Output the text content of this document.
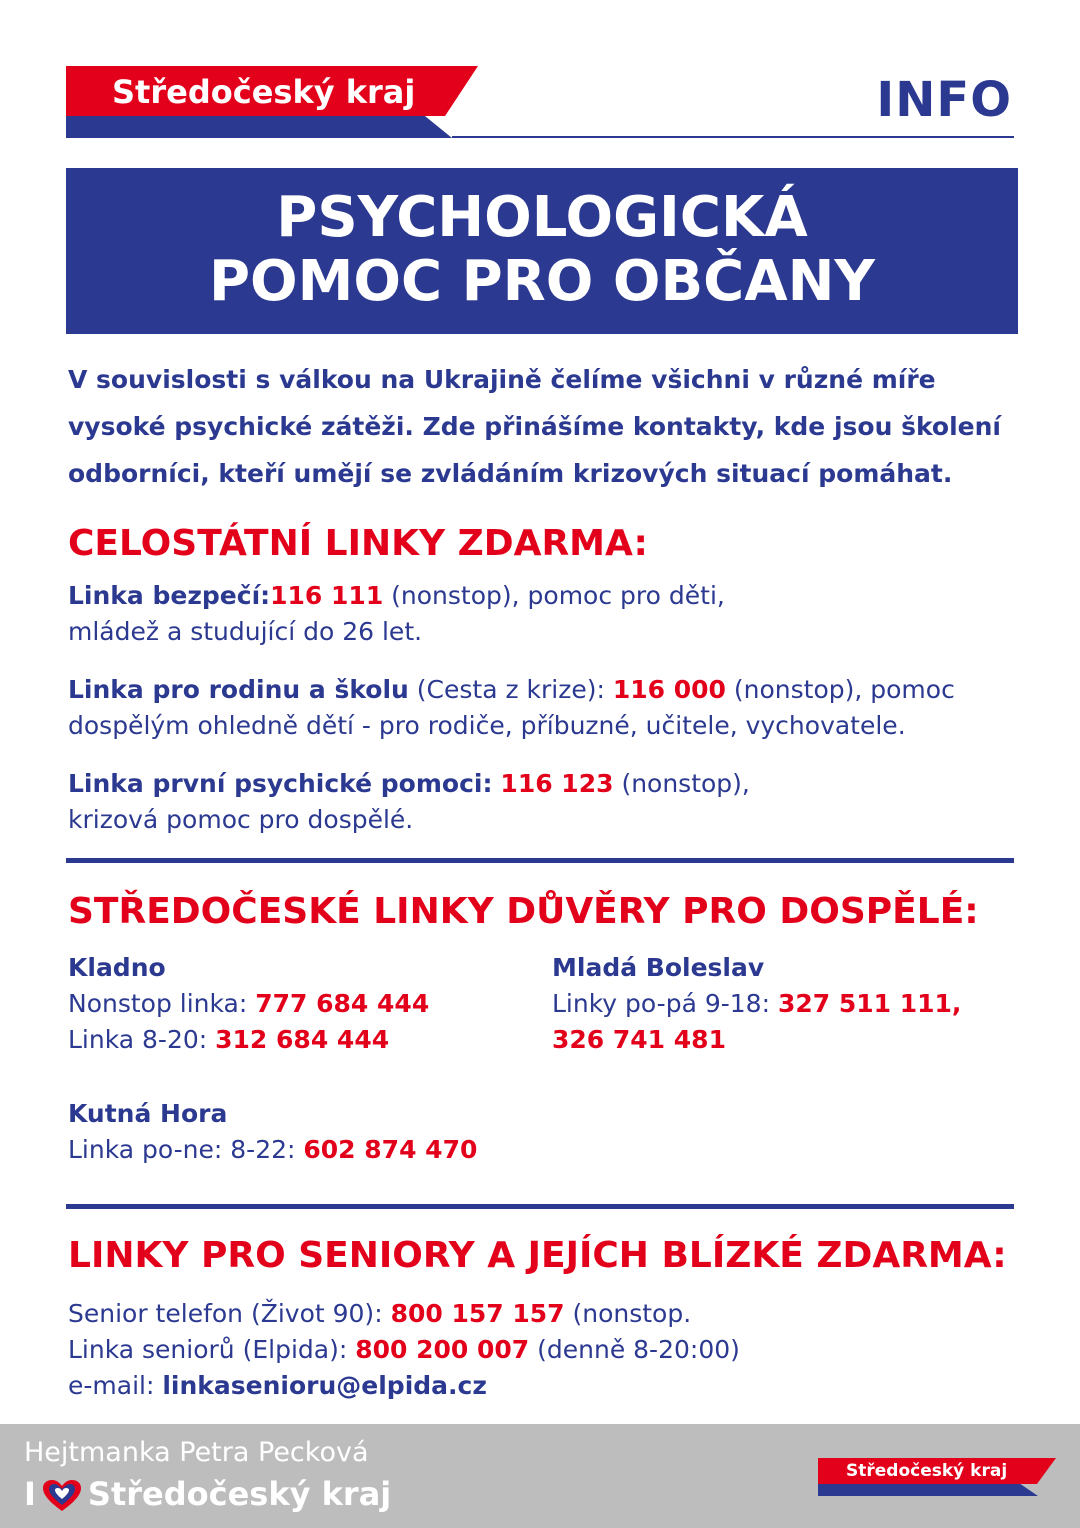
Středočeský kraj	INFO
PSYCHOLOGICKÁ
POMOC PRO OBČANY
V souvislosti s válkou na Ukrajině čelíme všichni v různé míře vysoké psychické zátěži. Zde přinášíme kontakty, kde jsou školení odborníci, kteří umějí se zvládáním krizových situací pomáhat.
CELOSTÁTNÍ LINKY ZDARMA:
Linka bezpečí:116 111 (nonstop), pomoc pro děti,
mládež a studující do 26 let.
Linka pro rodinu a školu (Cesta z krize): 116 000 (nonstop), pomoc
dospělým ohledně dětí - pro rodiče, příbuzné, učitele, vychovatele.
Linka první psychické pomoci: 116 123 (nonstop),
krizová pomoc pro dospělé.
STŘEDOČESKÉ LINKY DŮVĚRY PRO DOSPĚLÉ:
Kladno
Nonstop linka: 777 684 444
Linka 8-20: 312 684 444
Mladá Boleslav
Linky po-pá 9-18: 327 511 111,
326 741 481
Kutná Hora
Linka po-ne: 8-22: 602 874 470
LINKY PRO SENIORY A JEJÍCH BLÍZKÉ ZDARMA:
Senior telefon (Život 90): 800 157 157 (nonstop.
Linka seniorů (Elpida): 800 200 007 (denně 8-20:00)
e-mail: linkasenioru@elpida.cz
Hejtmanka Petra Pecková
I Středočeský kraj
Středočeský kraj
